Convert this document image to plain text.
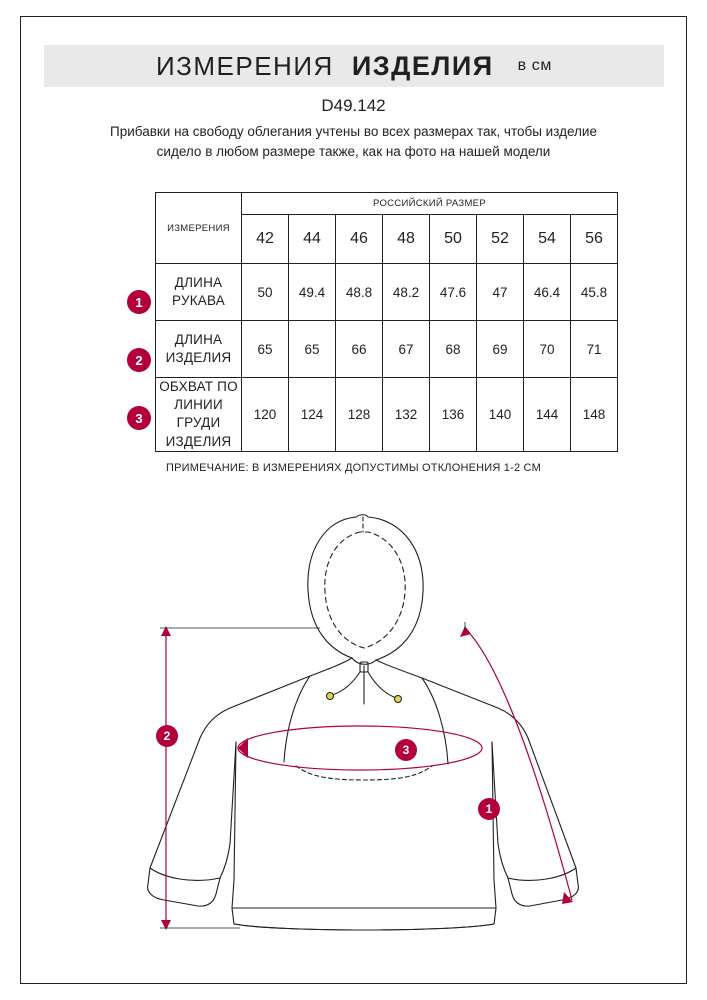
ИЗМЕРЕНИЯ ИЗДЕЛИЯ в см
D49.142
Прибавки на свободу облегания учтены во всех размерах так, чтобы изделие сидело в любом размере также, как на фото на нашей модели
ИЗМЕРЕНИЯ	РОССИЙСКИЙ РАЗМЕР							
	42	44	46	48	50	52	54	56
ДЛИНА РУКАВА	50	49.4	48.8	48.2	47.6	47	46.4	45.8
ДЛИНА ИЗДЕЛИЯ	65	65	66	67	68	69	70	71
ОБХВАТ ПО ЛИНИИ ГРУДИ ИЗДЕЛИЯ	120	124	128	132	136	140	144	148
1
2
3
ПРИМЕЧАНИЕ: В ИЗМЕРЕНИЯХ ДОПУСТИМЫ ОТКЛОНЕНИЯ 1-2 СМ
2
3
1
